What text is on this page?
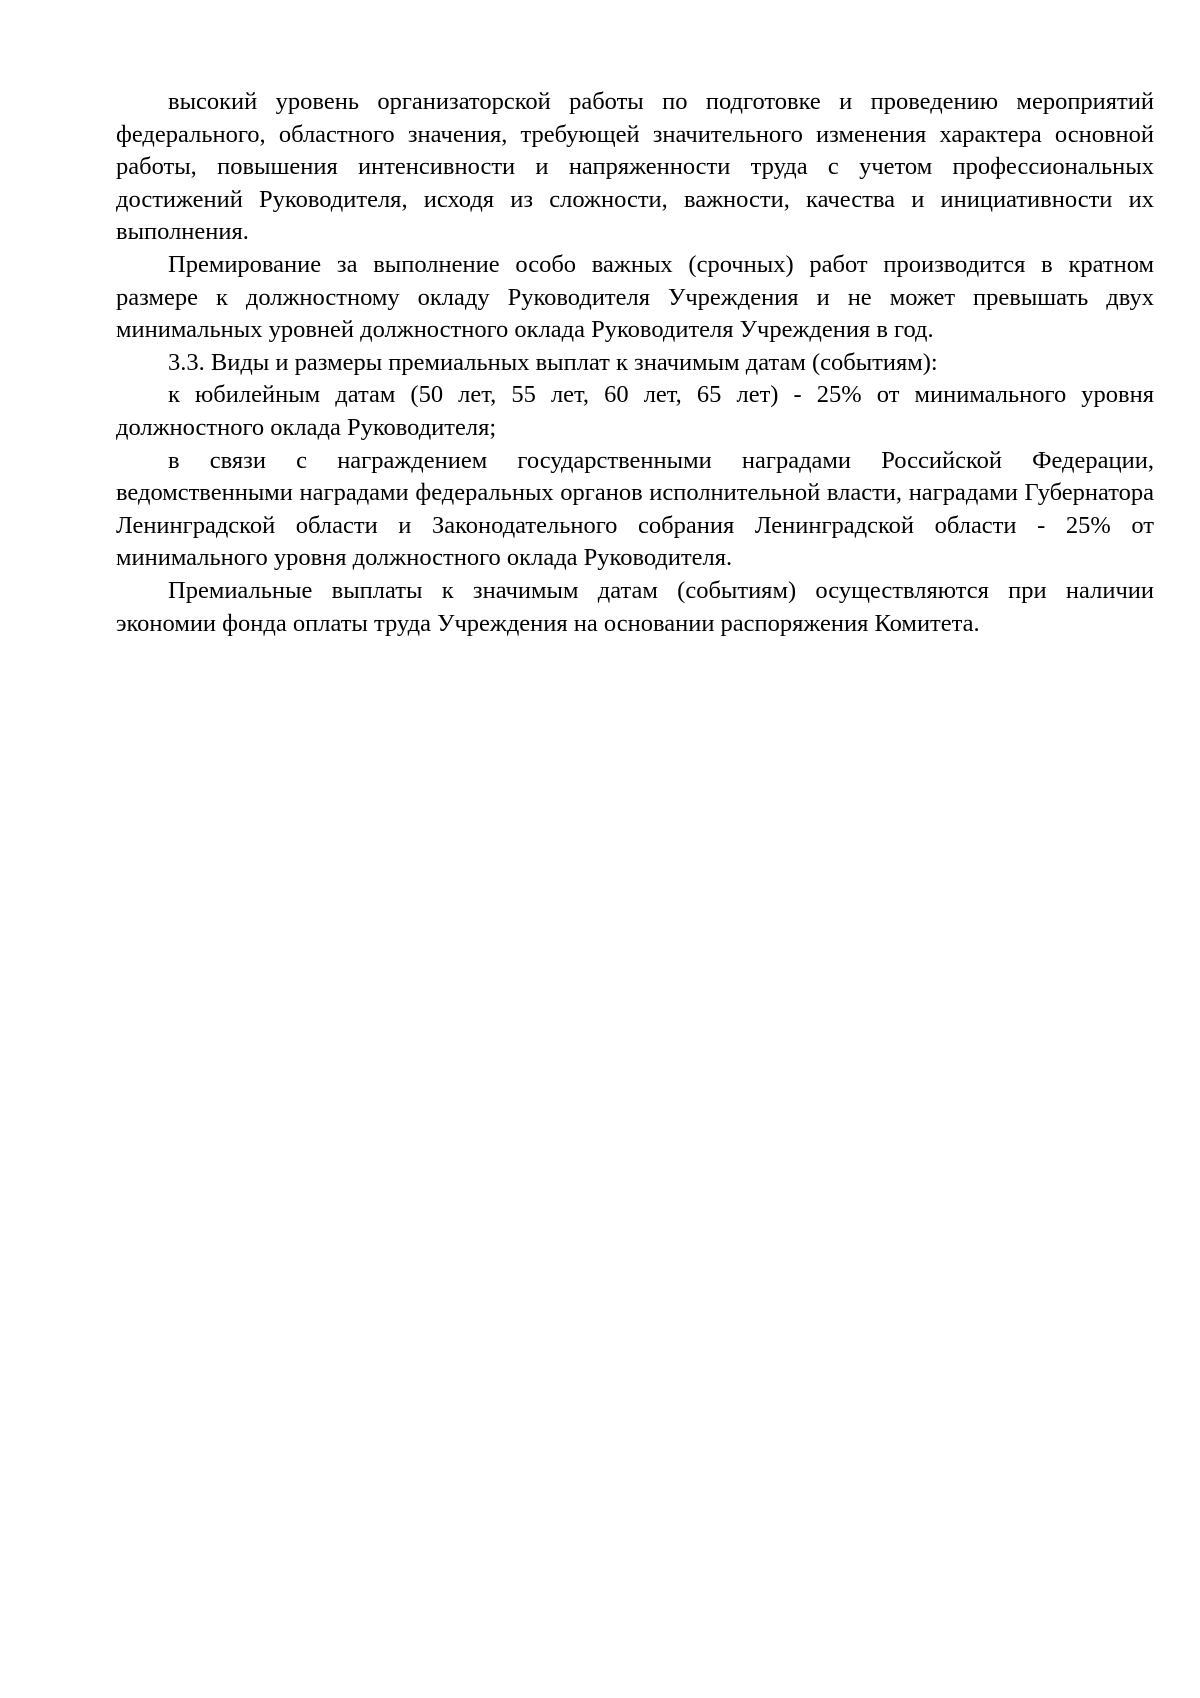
высокий уровень организаторской работы по подготовке и проведению мероприятий федерального, областного значения, требующей значительного изменения характера основной работы, повышения интенсивности и напряженности труда с учетом профессиональных достижений Руководителя, исходя из сложности, важности, качества и инициативности их выполнения.

Премирование за выполнение особо важных (срочных) работ производится в кратном размере к должностному окладу Руководителя Учреждения и не может превышать двух минимальных уровней должностного оклада Руководителя Учреждения в год.

3.3. Виды и размеры премиальных выплат к значимым датам (событиям):

к юбилейным датам (50 лет, 55 лет, 60 лет, 65 лет) - 25% от минимального уровня должностного оклада Руководителя;

в связи с награждением государственными наградами Российской Федерации, ведомственными наградами федеральных органов исполнительной власти, наградами Губернатора Ленинградской области и Законодательного собрания Ленинградской области - 25% от минимального уровня должностного оклада Руководителя.

Премиальные выплаты к значимым датам (событиям) осуществляются при наличии экономии фонда оплаты труда Учреждения на основании распоряжения Комитета.
